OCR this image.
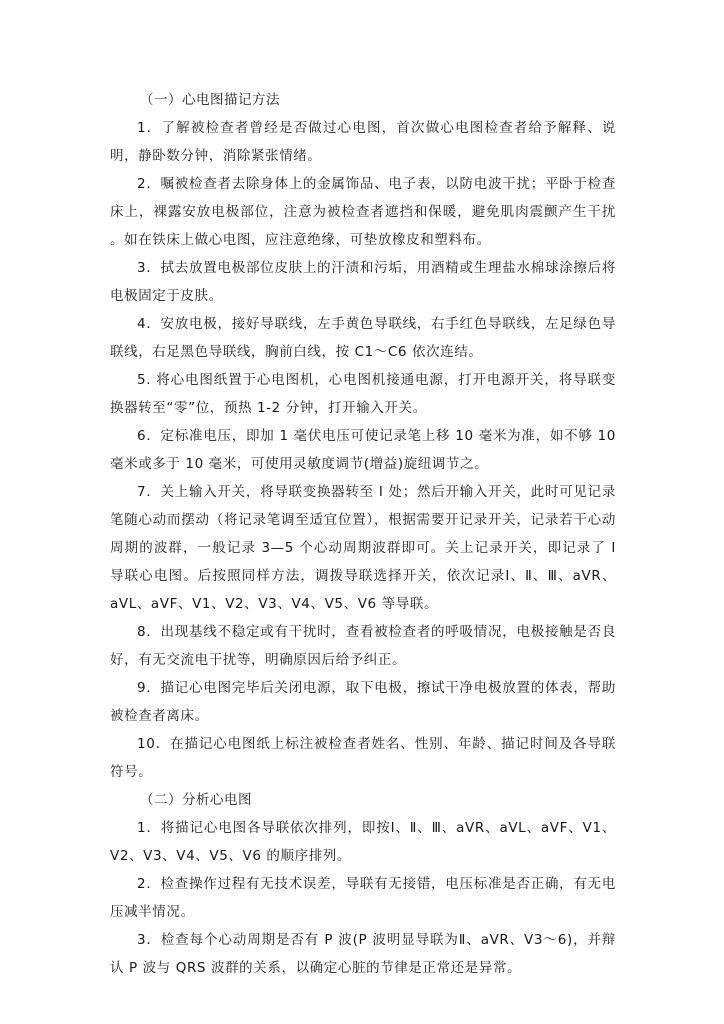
（一）心电图描记方法

1．了解被检查者曾经是否做过心电图，首次做心电图检查者给予解释、说明，静卧数分钟，消除紧张情绪。

2．嘱被检查者去除身体上的金属饰品、电子表，以防电波干扰；平卧于检查床上，裸露安放电极部位，注意为被检查者遮挡和保暖，避免肌肉震颤产生干扰 。如在铁床上做心电图，应注意绝缘，可垫放橡皮和塑料布。

3．拭去放置电极部位皮肤上的汗渍和污垢，用酒精或生理盐水棉球涂擦后将电极固定于皮肤。

4．安放电极，接好导联线，左手黄色导联线，右手红色导联线，左足绿色导联线，右足黑色导联线，胸前白线，按 C1～C6 依次连结。

5. 将心电图纸置于心电图机，心电图机接通电源，打开电源开关，将导联变换器转至“零”位，预热 1-2 分钟，打开输入开关。

6．定标准电压，即加 1 毫伏电压可使记录笔上移 10 毫米为准，如不够 10 毫米或多于 10 毫米，可使用灵敏度调节(增益)旋纽调节之。

7．关上输入开关，将导联变换器转至 I 处；然后开输入开关，此时可见记录笔随心动而摆动（将记录笔调至适宜位置），根据需要开记录开关，记录若干心动周期的波群，一般记录 3—5 个心动周期波群即可。关上记录开关，即记录了 I 导联心电图。后按照同样方法，调拨导联选择开关，依次记录Ⅰ、Ⅱ、Ⅲ、aVR、aVL、aVF、V1、V2、V3、V4、V5、V6 等导联。

8．出现基线不稳定或有干扰时，查看被检查者的呼吸情况，电极接触是否良好，有无交流电干扰等，明确原因后给予纠正。

9．描记心电图完毕后关闭电源，取下电极，擦试干净电极放置的体表，帮助被检查者离床。

10．在描记心电图纸上标注被检查者姓名、性别、年龄、描记时间及各导联符号。

（二）分析心电图

1．将描记心电图各导联依次排列，即按Ⅰ、Ⅱ、Ⅲ、aVR、aVL、aVF、V1、V2、V3、V4、V5、V6 的顺序排列。

2．检查操作过程有无技术误差，导联有无接错，电压标准是否正确，有无电压减半情况。

3．检查每个心动周期是否有 P 波(P 波明显导联为Ⅱ、aVR、V3～6)，并辩认 P 波与 QRS 波群的关系，以确定心脏的节律是正常还是异常。
